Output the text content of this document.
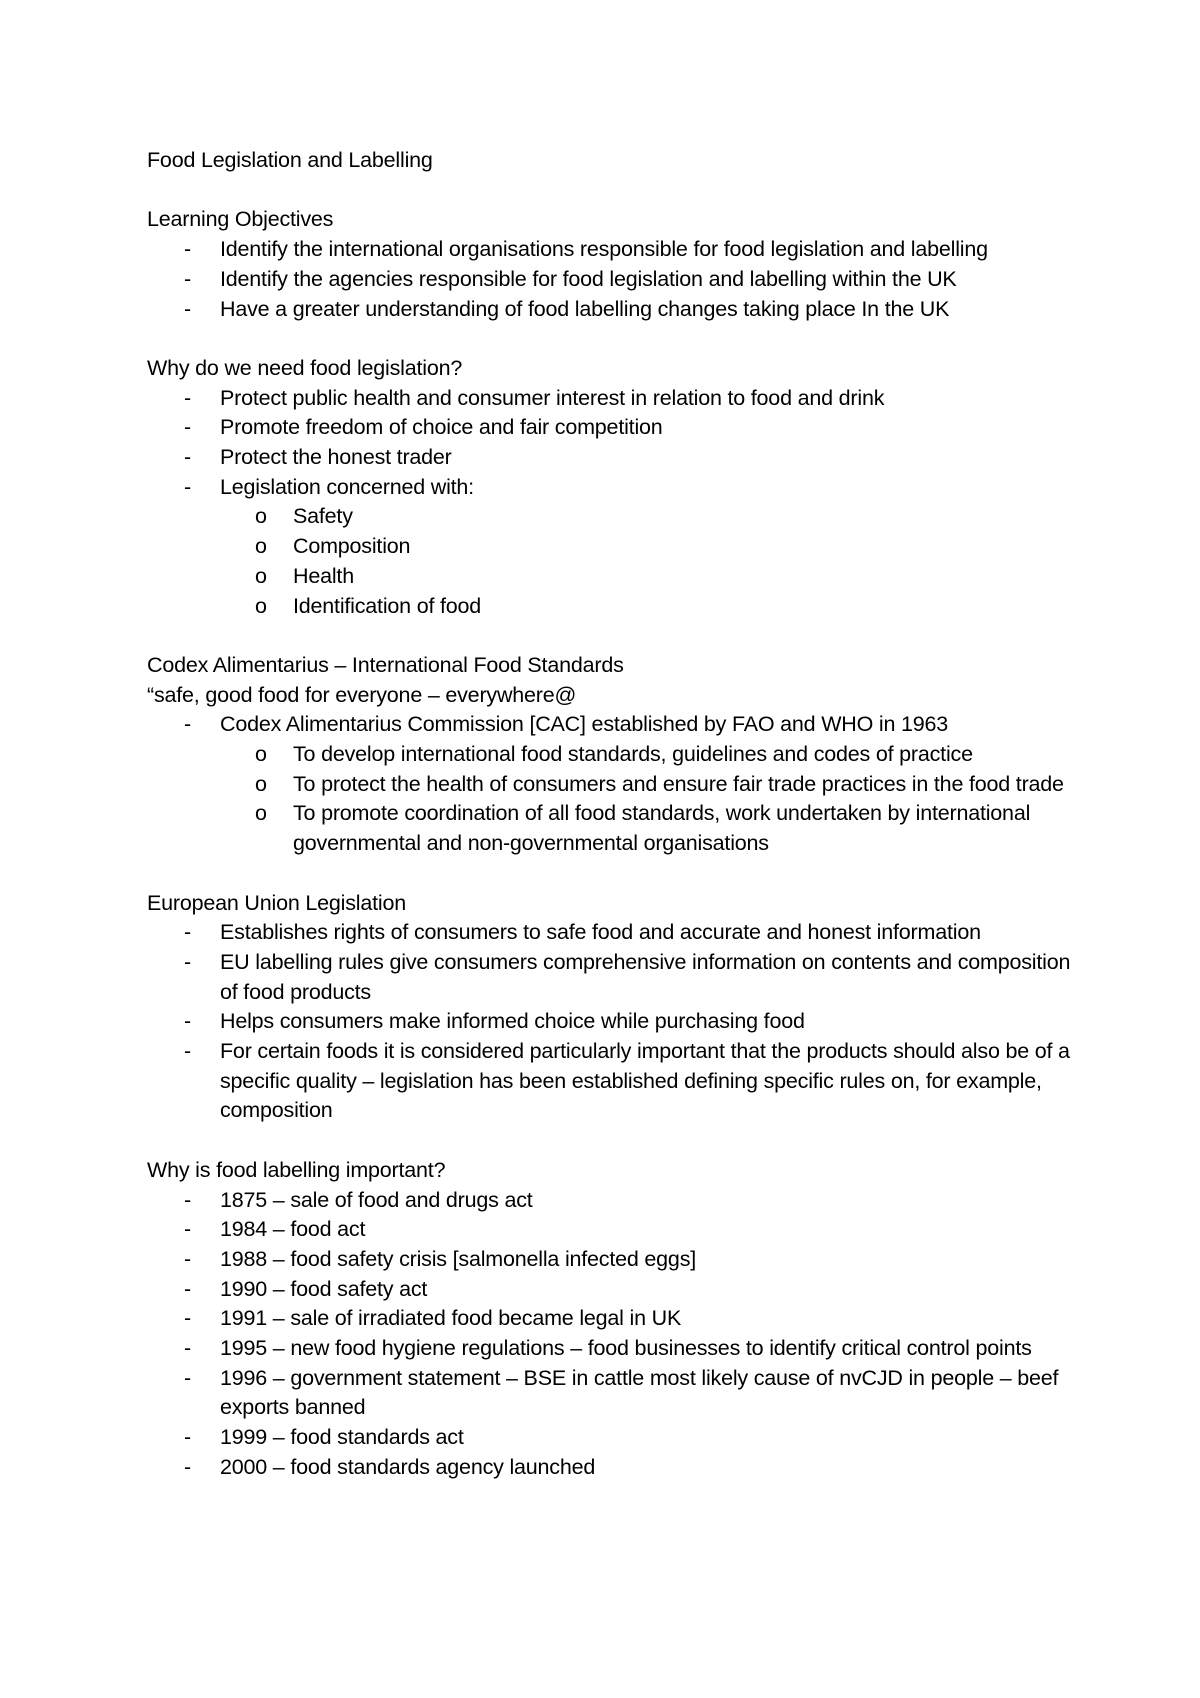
Food Legislation and Labelling

Learning Objectives

- Identify the international organisations responsible for food legislation and labelling
- Identify the agencies responsible for food legislation and labelling within the UK
- Have a greater understanding of food labelling changes taking place In the UK

Why do we need food legislation?

- Protect public health and consumer interest in relation to food and drink
- Promote freedom of choice and fair competition
- Protect the honest trader
- Legislation concerned with:
o Safety
o Composition
o Health
o Identification of food

Codex Alimentarius – International Food Standards

“safe, good food for everyone – everywhere@

- Codex Alimentarius Commission [CAC] established by FAO and WHO in 1963
o To develop international food standards, guidelines and codes of practice
o To protect the health of consumers and ensure fair trade practices in the food trade
o To promote coordination of all food standards, work undertaken by international governmental and non-governmental organisations

European Union Legislation

- Establishes rights of consumers to safe food and accurate and honest information
- EU labelling rules give consumers comprehensive information on contents and composition of food products
- Helps consumers make informed choice while purchasing food
- For certain foods it is considered particularly important that the products should also be of a specific quality – legislation has been established defining specific rules on, for example, composition

Why is food labelling important?

- 1875 – sale of food and drugs act
- 1984 – food act
- 1988 – food safety crisis [salmonella infected eggs]
- 1990 – food safety act
- 1991 – sale of irradiated food became legal in UK
- 1995 – new food hygiene regulations – food businesses to identify critical control points
- 1996 – government statement – BSE in cattle most likely cause of nvCJD in people – beef exports banned
- 1999 – food standards act
- 2000 – food standards agency launched
